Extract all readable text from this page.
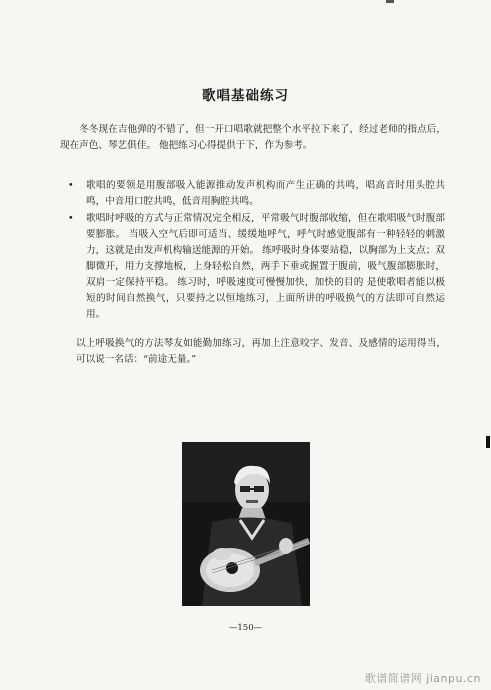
歌唱基础练习
冬冬现在吉他弹的不错了，但一开口唱歌就把整个水平拉下来了，经过老师的指点后，现在声色、琴艺俱佳。 他把练习心得提供于下，作为参考。
• 歌唱的要领是用腹部吸入能源推动发声机构而产生正确的共鸣，唱高音时用头腔共鸣，中音用口腔共鸣，低音用胸腔共鸣。
• 歌唱时呼吸的方式与正常情况完全相反，平常吸气时腹部收缩，但在歌唱吸气时腹部要膨胀。 当吸入空气后即可适当、缓缓地呼气，呼气时感觉腹部有一种轻轻的刺激力，这就是由发声机构输送能源的开始。 练呼吸时身体要站稳，以胸部为上支点；双脚微开，用力支撑地板，上身轻松自然，两手下垂或握置于腹前，吸气腹部膨胀时，双肩一定保持平稳。 练习时，呼吸速度可慢慢加快，加快的目的 是使歌唱者能以极短的时间自然换气，只要持之以恒地练习，上面所讲的呼吸换气的方法即可自然运用。
以上呼吸换气的方法琴友如能勤加练习，再加上注意咬字、发音、及感情的运用得当，可以说一名话：“前途无量。”
—150—
歌谱简谱网 jianpu.cn
